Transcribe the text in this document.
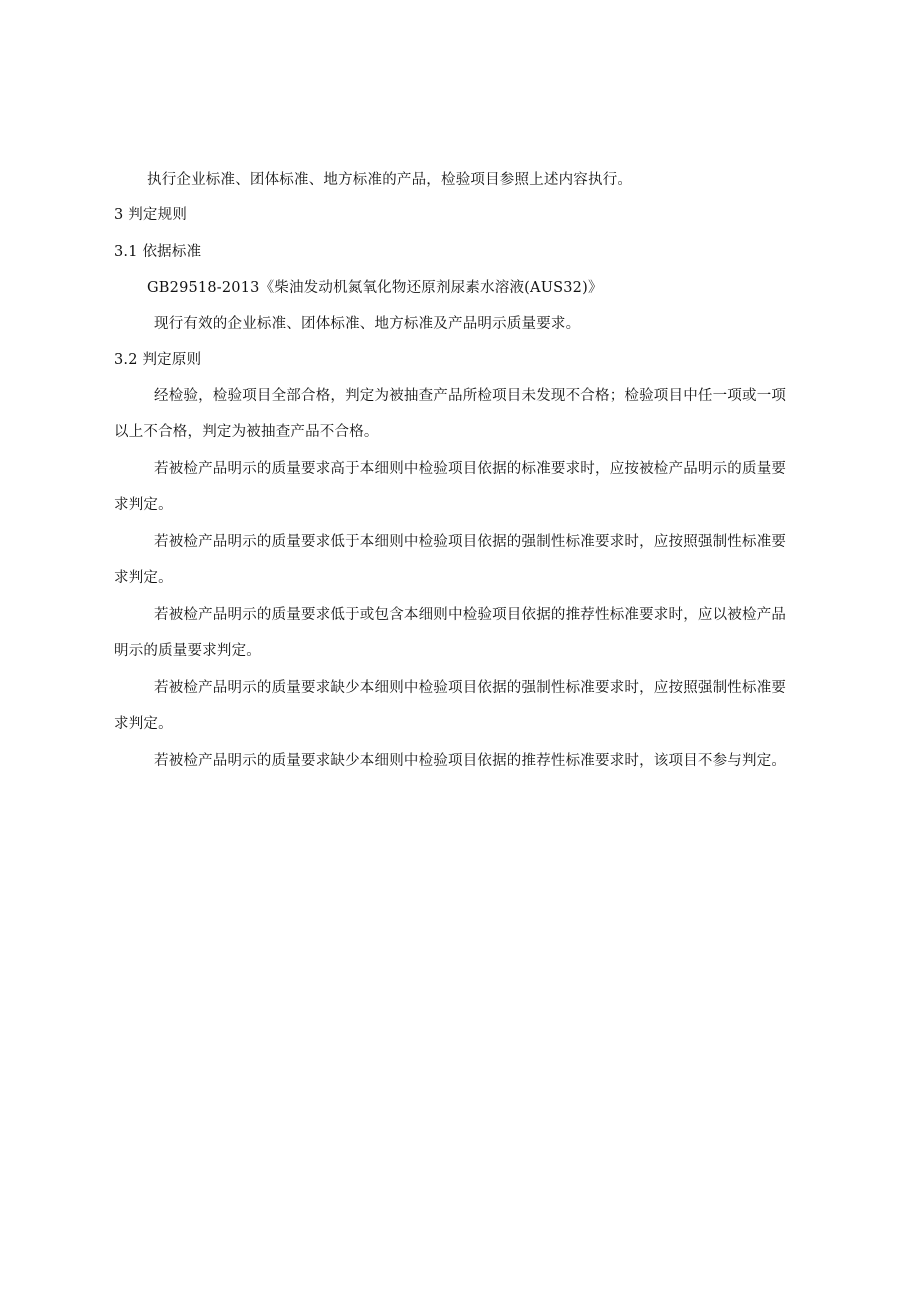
执行企业标准、团体标准、地方标准的产品，检验项目参照上述内容执行。
3 判定规则
3.1 依据标准
GB29518-2013《柴油发动机氮氧化物还原剂尿素水溶液(AUS32)》
现行有效的企业标准、团体标准、地方标准及产品明示质量要求。
3.2 判定原则
经检验，检验项目全部合格，判定为被抽查产品所检项目未发现不合格；检验项目中任一项或一项
以上不合格，判定为被抽查产品不合格。
若被检产品明示的质量要求高于本细则中检验项目依据的标准要求时，应按被检产品明示的质量要
求判定。
若被检产品明示的质量要求低于本细则中检验项目依据的强制性标准要求时，应按照强制性标准要
求判定。
若被检产品明示的质量要求低于或包含本细则中检验项目依据的推荐性标准要求时，应以被检产品
明示的质量要求判定。
若被检产品明示的质量要求缺少本细则中检验项目依据的强制性标准要求时，应按照强制性标准要
求判定。
若被检产品明示的质量要求缺少本细则中检验项目依据的推荐性标准要求时，该项目不参与判定。
